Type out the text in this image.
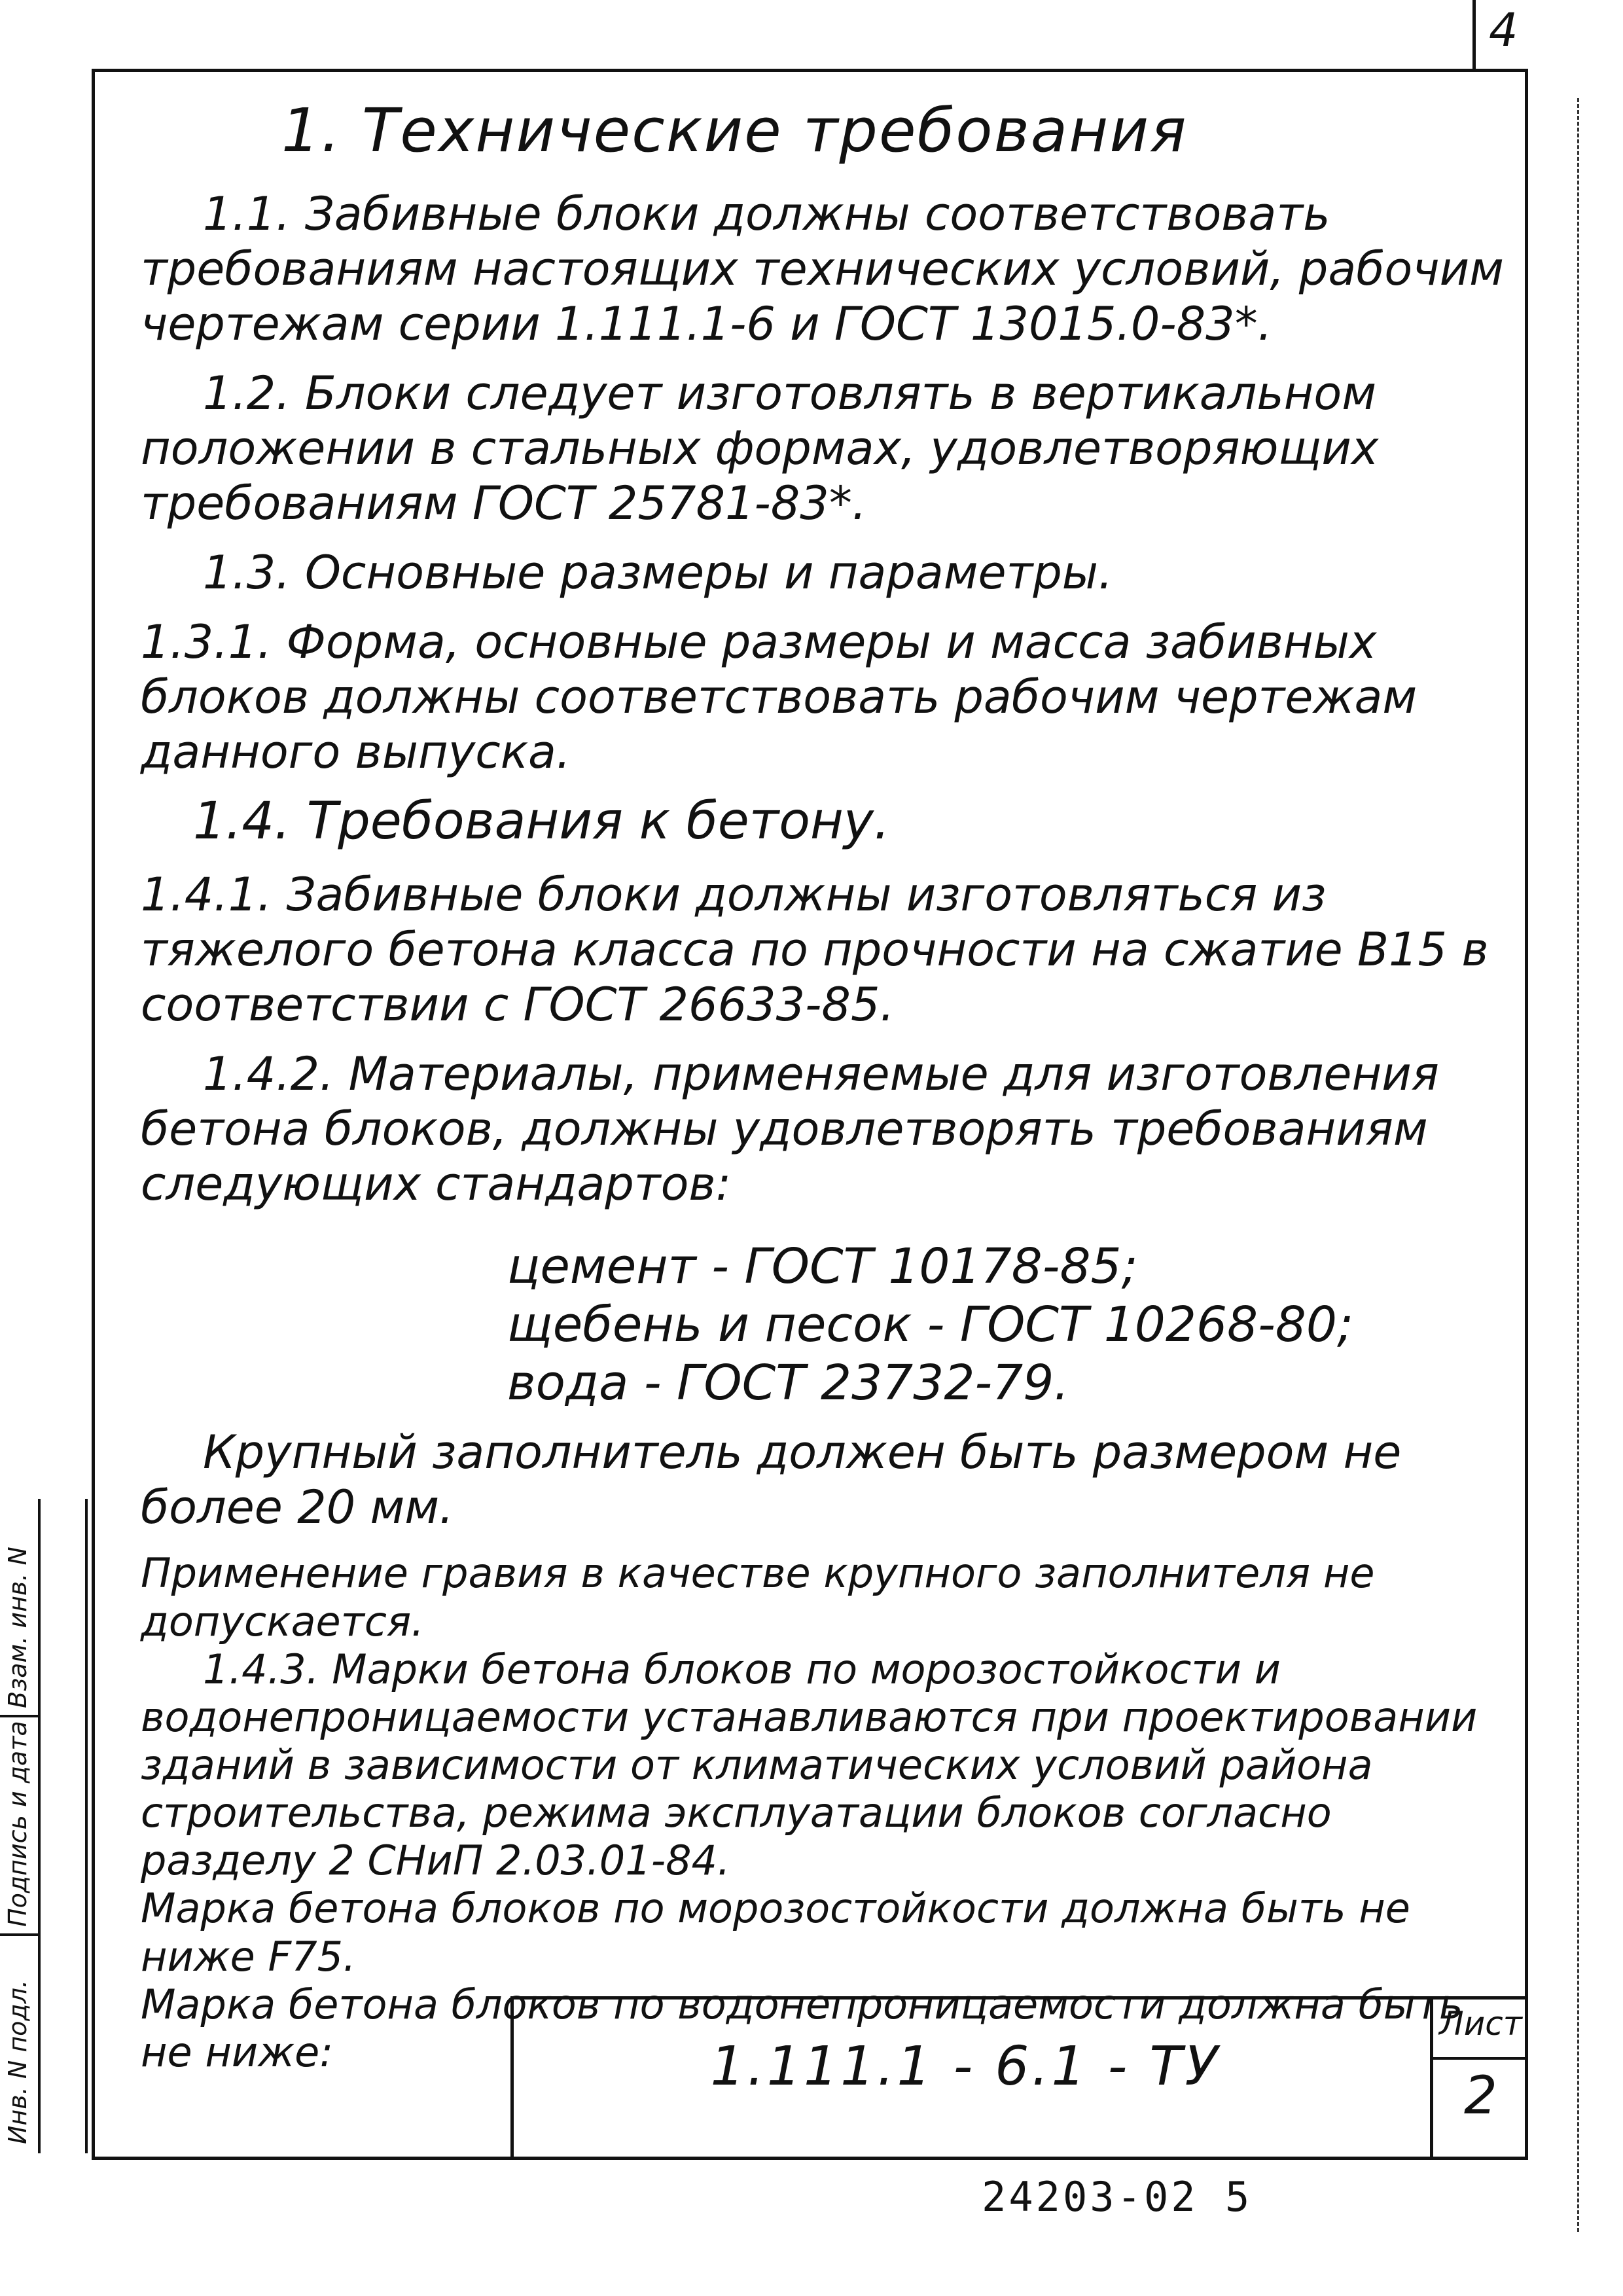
4

1. Технические требования

1.1. Забивные блоки должны соответствовать требованиям настоящих технических условий, рабочим чертежам серии 1.111.1-6 и ГОСТ 13015.0-83*.

1.2. Блоки следует изготовлять в вертикальном положении в стальных формах, удовлетворяющих требованиям ГОСТ 25781-83*.

1.3. Основные размеры и параметры.

1.3.1. Форма, основные размеры и масса забивных блоков должны соответствовать рабочим чертежам данного выпуска.

1.4. Требования к бетону.

1.4.1. Забивные блоки должны изготовляться из тяжелого бетона класса по прочности на сжатие В15 в соответствии с ГОСТ 26633-85.

1.4.2. Материалы, применяемые для изготовления бетона блоков, должны удовлетворять требованиям следующих стандартов:

цемент - ГОСТ 10178-85;

щебень и песок - ГОСТ 10268-80;

вода - ГОСТ 23732-79.

Крупный заполнитель должен быть размером не более 20 мм.

Применение гравия в качестве крупного заполнителя не допускается.

1.4.3. Марки бетона блоков по морозостойкости и водонепроницаемости устанавливаются при проектировании зданий в зависимости от климатических условий района строительства, режима эксплуатации блоков согласно разделу 2 СНиП 2.03.01-84.

Марка бетона блоков по морозостойкости должна быть не ниже F75.

Марка бетона блоков по водонепроницаемости должна быть не ниже:

Взам. инв. N
Подпись и дата
Инв. N подл.	1.111.1 - 6.1 - ТУ
Лист
2
24203-02 5
